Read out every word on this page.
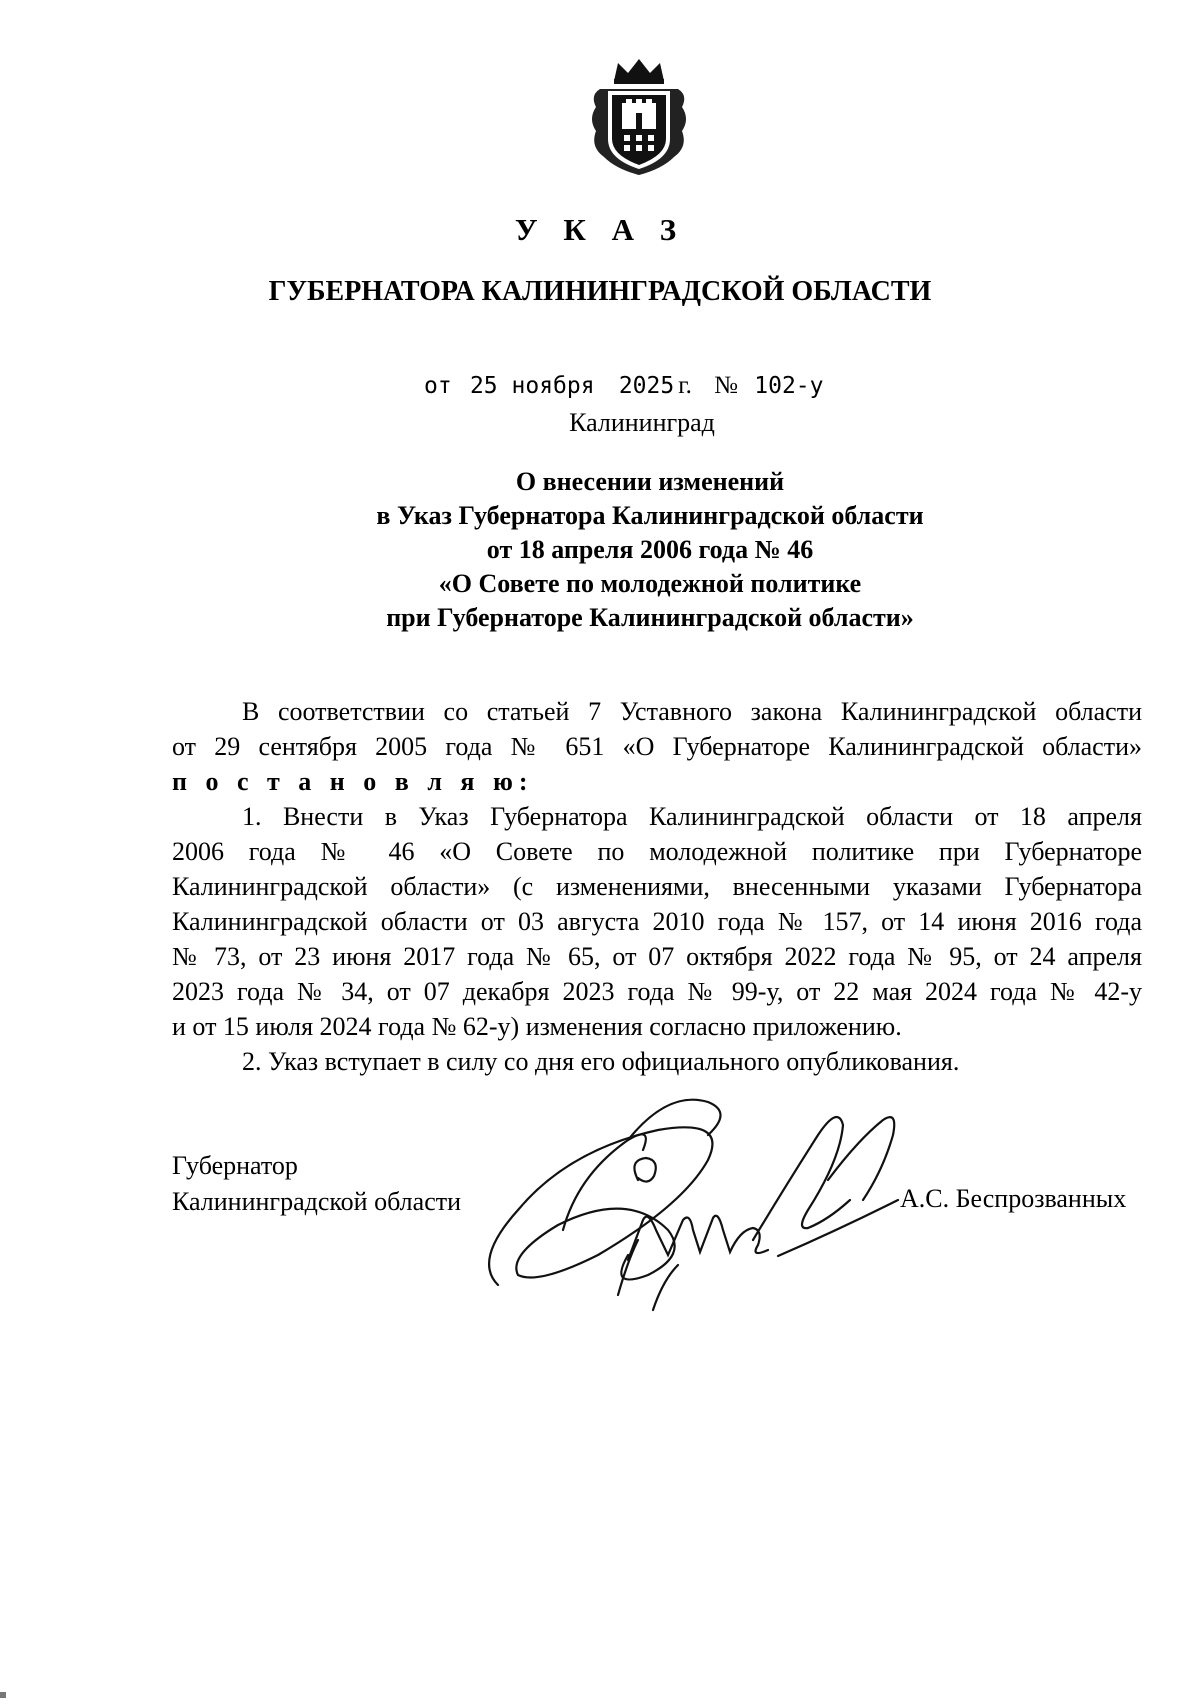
У К А З
ГУБЕРНАТОРА КАЛИНИНГРАДСКОЙ ОБЛАСТИ
от 25 ноября 2025 г. № 102-у
Калининград
О внесении изменений
в Указ Губернатора Калининградской области
от 18 апреля 2006 года № 46
«О Совете по молодежной политике
при Губернаторе Калининградской области»
В соответствии со статьей 7 Уставного закона Калининградской области
от 29 сентября 2005 года № 651 «О Губернаторе Калининградской области»
п о с т а н о в л я ю:
1. Внести в Указ Губернатора Калининградской области от 18 апреля
2006 года № 46 «О Совете по молодежной политике при Губернаторе
Калининградской области» (с изменениями, внесенными указами Губернатора
Калининградской области от 03 августа 2010 года № 157, от 14 июня 2016 года
№ 73, от 23 июня 2017 года № 65, от 07 октября 2022 года № 95, от 24 апреля
2023 года № 34, от 07 декабря 2023 года № 99-у, от 22 мая 2024 года № 42-у
и от 15 июля 2024 года № 62-у) изменения согласно приложению.
2. Указ вступает в силу со дня его официального опубликования.
Губернатор
Калининградской области	А.С. Беспрозванных
